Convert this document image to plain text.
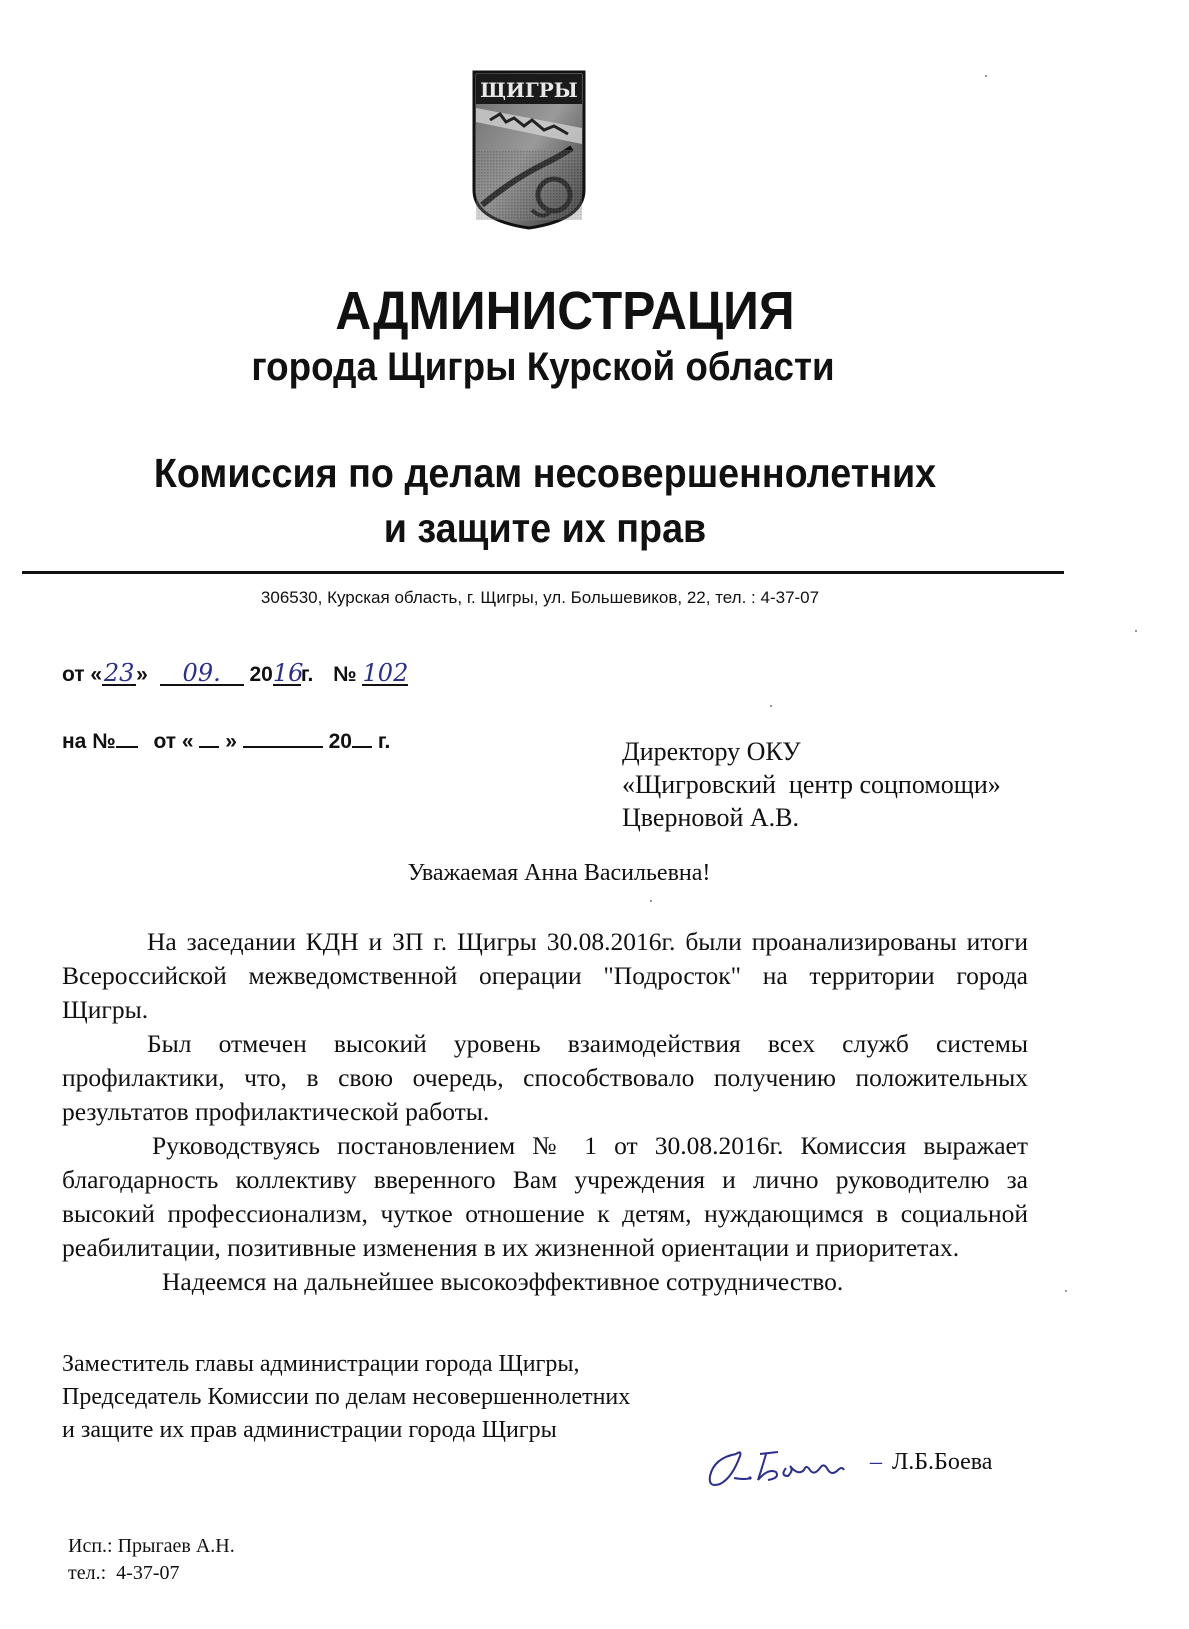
ЩИГРЫ
АДМИНИСТРАЦИЯ
города Щигры Курской области
Комиссия по делам несовершеннолетних
и защите их прав
306530, Курская область, г. Щигры, ул. Большевиков, 22, тел. : 4-37-07
от «23» 09. 2016г. № 102
на № от « »	20 г.	Директору ОКУ
«Щигровский  центр соцпомощи»
Цверновой А.В.
Уважаемая Анна Васильевна!

На заседании КДН и ЗП г. Щигры 30.08.2016г. были проанализированы итоги Всероссийской межведомственной операции "Подросток" на территории города Щигры.

Был отмечен высокий уровень взаимодействия всех служб системы профилактики, что, в свою очередь, способствовало получению положительных результатов профилактической работы.

Руководствуясь постановлением № 1 от 30.08.2016г. Комиссия выражает благодарность коллективу вверенного Вам учреждения и лично руководителю за высокий профессионализм, чуткое отношение к детям, нуждающимся в социальной реабилитации, позитивные изменения в их жизненной ориентации и приоритетах.

Надеемся на дальнейшее высокоэффективное сотрудничество.

Заместитель главы администрации города Щигры,
Председатель Комиссии по делам несовершеннолетних
и защите их прав администрации города Щигры
– Л.Б.Боева
Исп.: Прыгаев А.Н.
тел.:  4-37-07
